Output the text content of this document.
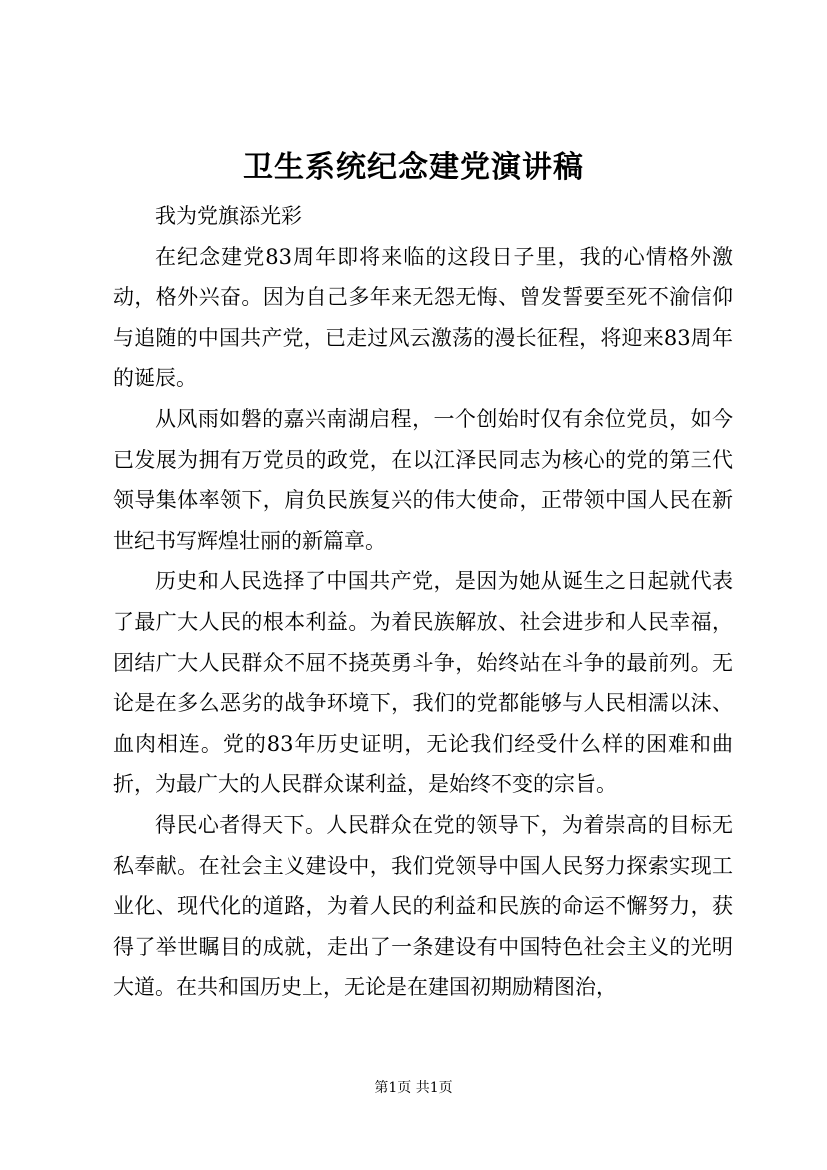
卫生系统纪念建党演讲稿

我为党旗添光彩

在纪念建党83周年即将来临的这段日子里，我的心情格外激动，格外兴奋。因为自己多年来无怨无悔、曾发誓要至死不渝信仰与追随的中国共产党，已走过风云激荡的漫长征程，将迎来83周年的诞辰。

从风雨如磐的嘉兴南湖启程，一个创始时仅有余位党员，如今已发展为拥有万党员的政党，在以江泽民同志为核心的党的第三代领导集体率领下，肩负民族复兴的伟大使命，正带领中国人民在新世纪书写辉煌壮丽的新篇章。

历史和人民选择了中国共产党，是因为她从诞生之日起就代表了最广大人民的根本利益。为着民族解放、社会进步和人民幸福，团结广大人民群众不屈不挠英勇斗争，始终站在斗争的最前列。无论是在多么恶劣的战争环境下，我们的党都能够与人民相濡以沫、血肉相连。党的83年历史证明，无论我们经受什么样的困难和曲折，为最广大的人民群众谋利益，是始终不变的宗旨。

得民心者得天下。人民群众在党的领导下，为着崇高的目标无私奉献。在社会主义建设中，我们党领导中国人民努力探索实现工业化、现代化的道路，为着人民的利益和民族的命运不懈努力，获得了举世瞩目的成就，走出了一条建设有中国特色社会主义的光明大道。在共和国历史上，无论是在建国初期励精图治，

第1页 共1页
